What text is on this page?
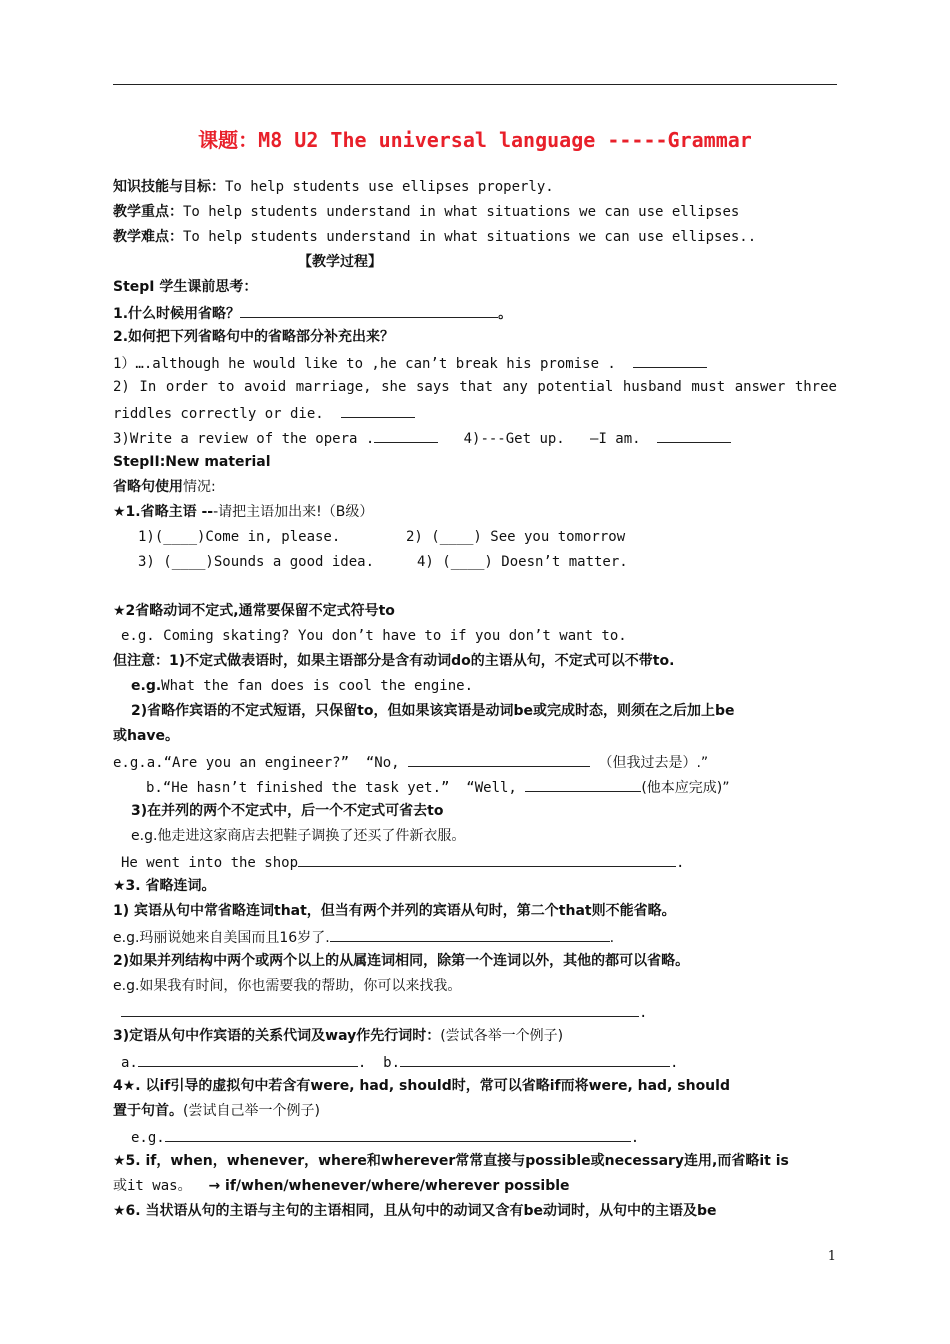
课题：M8 U2 The universal language -----Grammar
知识技能与目标：To help students use ellipses properly.
教学重点：To help students understand in what situations we can use ellipses
教学难点：To help students understand in what situations we can use ellipses..
【教学过程】
StepI 学生课前思考：
1.什么时候用省略？	。
2.如何把下列省略句中的省略部分补充出来？
1）….although he would like to ,he can’t break his promise .
2) In order to avoid marriage, she says that any potential husband must answer three
riddles correctly or die.
3)Write a review of the opera .	4)---Get up.   —I am.
StepII:New material
省略句使用情况:
★1.省略主语 ---请把主语加出来!（B级）
1)(____)Come in, please.	2) (____) See you tomorrow
3) (____)Sounds a good idea.	4) (____) Doesn’t matter.
★2省略动词不定式,通常要保留不定式符号to
e.g. Coming skating? You don’t have to if you don’t want to.
但注意：1)不定式做表语时，如果主语部分是含有动词do的主语从句，不定式可以不带to.
e.g.What the fan does is cool the engine.
2)省略作宾语的不定式短语，只保留to，但如果该宾语是动词be或完成时态，则须在之后加上be
或have。
e.g.a.“Are you an engineer?”  “No,	（但我过去是）.”
b.“He hasn’t finished the task yet.”  “Well,	(他本应完成)”
3)在并列的两个不定式中，后一个不定式可省去to
e.g.他走进这家商店去把鞋子调换了还买了件新衣服。
He went into the shop	.
★3. 省略连词。
1) 宾语从句中常省略连词that，但当有两个并列的宾语从句时，第二个that则不能省略。
e.g.玛丽说她来自美国而且16岁了.	.
2)如果并列结构中两个或两个以上的从属连词相同，除第一个连词以外，其他的都可以省略。
e.g.如果我有时间，你也需要我的帮助，你可以来找我。
.
3)定语从句中作宾语的关系代词及way作先行词时：(尝试各举一个例子)
a.	.  b.	.
4★. 以if引导的虚拟句中若含有were, had, should时，常可以省略if而将were, had, should
置于句首。(尝试自己举一个例子)
e.g.	.
★5. if，when，whenever，where和wherever常常直接与possible或necessary连用,而省略it is
或it was。 → if/when/whenever/where/wherever possible
★6. 当状语从句的主语与主句的主语相同，且从句中的动词又含有be动词时，从句中的主语及be
1
